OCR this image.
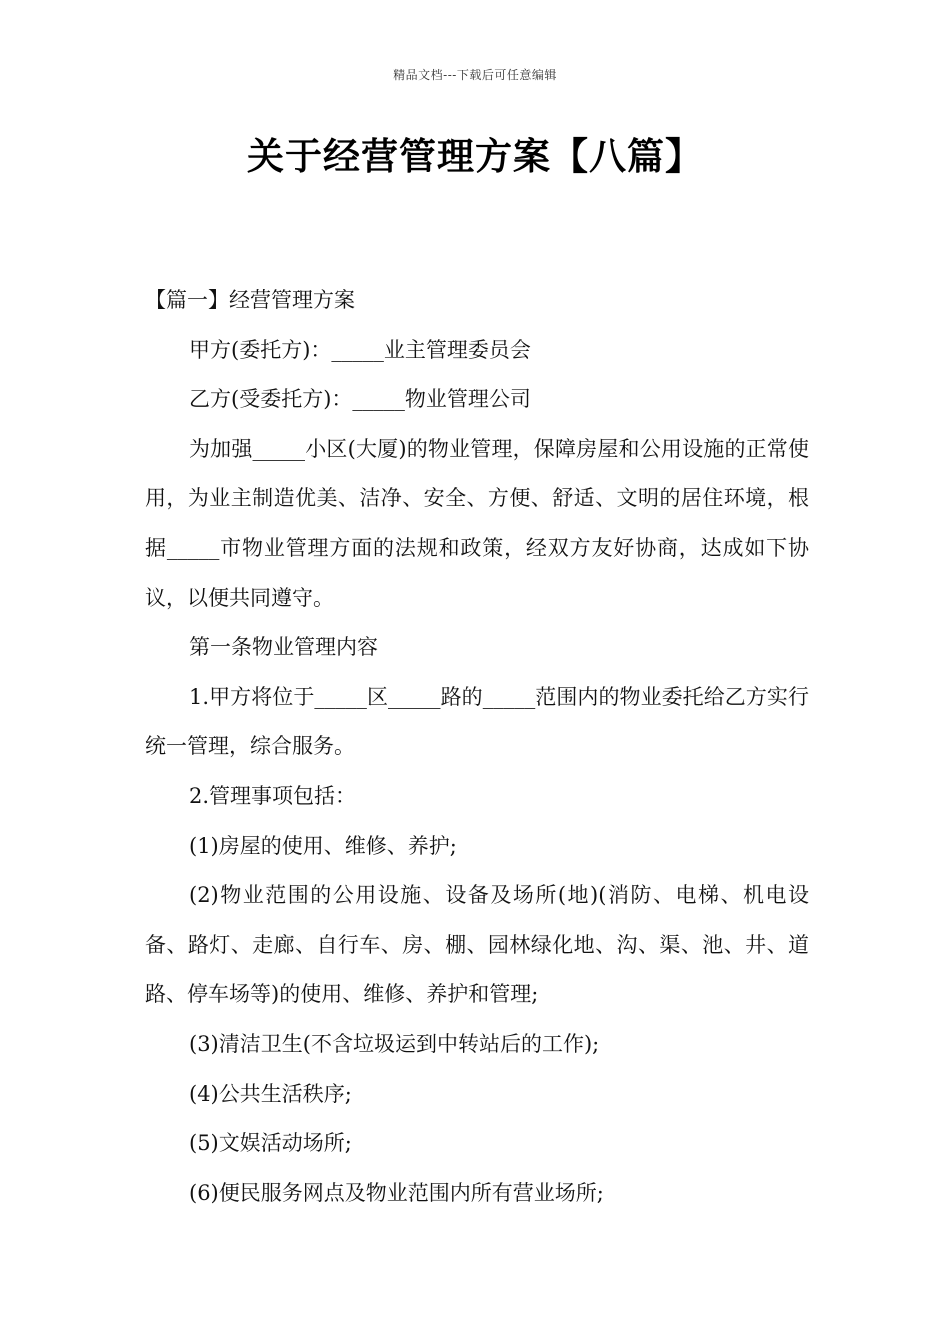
精品文档---下载后可任意编辑
关于经营管理方案【八篇】

【篇一】经营管理方案

甲方(委托方)：_____业主管理委员会

乙方(受委托方)：_____物业管理公司

为加强_____小区(大厦)的物业管理，保障房屋和公用设施的正常使用，为业主制造优美、洁净、安全、方便、舒适、文明的居住环境，根据_____市物业管理方面的法规和政策，经双方友好协商，达成如下协议，以便共同遵守。

第一条物业管理内容

1.甲方将位于_____区_____路的_____范围内的物业委托给乙方实行统一管理，综合服务。

2.管理事项包括：

(1)房屋的使用、维修、养护;

(2)物业范围的公用设施、设备及场所(地)(消防、电梯、机电设备、路灯、走廊、自行车、房、棚、园林绿化地、沟、渠、池、井、道路、停车场等)的使用、维修、养护和管理;

(3)清洁卫生(不含垃圾运到中转站后的工作);

(4)公共生活秩序;

(5)文娱活动场所;

(6)便民服务网点及物业范围内所有营业场所;
